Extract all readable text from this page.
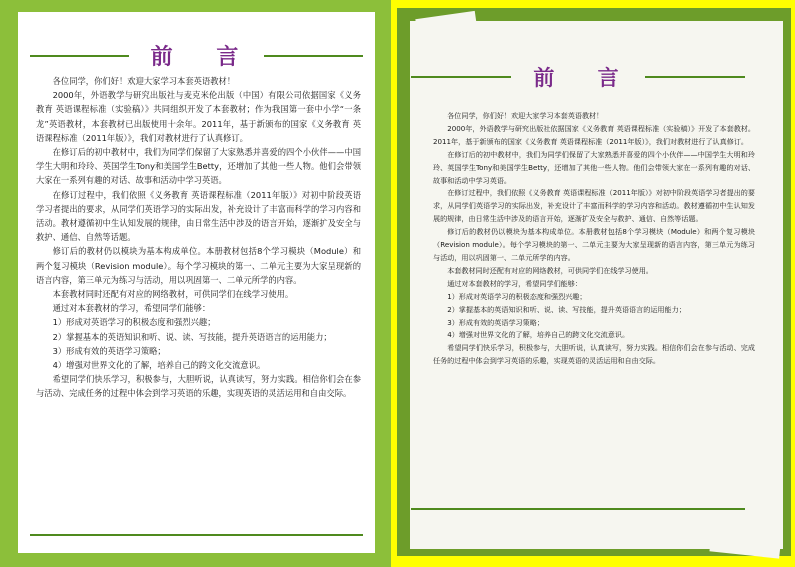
前 言

各位同学，你们好！欢迎大家学习本套英语教材！

2000年，外语教学与研究出版社与麦克米伦出版（中国）有限公司依据国家《义务教育 英语课程标准（实验稿）》共同组织开发了本套教材；作为我国第一套中小学“一条龙”英语教材，本套教材已出版使用十余年。2011年，基于新颁布的国家《义务教育 英语课程标准（2011年版）》，我们对教材进行了认真修订。

在修订后的初中教材中，我们为同学们保留了大家熟悉并喜爱的四个小伙伴——中国学生大明和玲玲、英国学生Tony和美国学生Betty，还增加了其他一些人物。他们会带领大家在一系列有趣的对话、故事和活动中学习英语。

在修订过程中，我们依照《义务教育 英语课程标准（2011年版）》对初中阶段英语学习者提出的要求，从同学们英语学习的实际出发，补充设计了丰富而科学的学习内容和活动。教材遵循初中生认知发展的规律，由日常生活中涉及的语言开始，逐渐扩及安全与救护、通信、自然等话题。

修订后的教材仍以模块为基本构成单位。本册教材包括8个学习模块（Module）和两个复习模块（Revision module）。每个学习模块的第一、二单元主要为大家呈现新的语言内容，第三单元为练习与活动，用以巩固第一、二单元所学的内容。

本套教材同时还配有对应的网络教材，可供同学们在线学习使用。

通过对本套教材的学习，希望同学们能够：

1）形成对英语学习的积极态度和强烈兴趣；

2）掌握基本的英语知识和听、说、读、写技能，提升英语语言的运用能力；

3）形成有效的英语学习策略；

4）增强对世界文化的了解，培养自己的跨文化交流意识。

希望同学们快乐学习，积极参与，大胆听说，认真读写，努力实践。相信你们会在参与活动、完成任务的过程中体会到学习英语的乐趣，实现英语的灵活运用和自由交际。

前 言

各位同学，你们好！欢迎大家学习本套英语教材！

2000年，外语教学与研究出版社依据国家《义务教育 英语课程标准（实验稿）》开发了本套教材。2011年，基于新颁布的国家《义务教育 英语课程标准（2011年版）》，我们对教材进行了认真修订。

在修订后的初中教材中，我们为同学们保留了大家熟悉并喜爱的四个小伙伴——中国学生大明和玲玲、英国学生Tony和美国学生Betty，还增加了其他一些人物。他们会带领大家在一系列有趣的对话、故事和活动中学习英语。

在修订过程中，我们依照《义务教育 英语课程标准（2011年版）》对初中阶段英语学习者提出的要求，从同学们英语学习的实际出发，补充设计了丰富而科学的学习内容和活动。教材遵循初中生认知发展的规律，由日常生活中涉及的语言开始，逐渐扩及安全与救护、通信、自然等话题。

修订后的教材仍以模块为基本构成单位。本册教材包括8个学习模块（Module）和两个复习模块（Revision module）。每个学习模块的第一、二单元主要为大家呈现新的语言内容，第三单元为练习与活动，用以巩固第一、二单元所学的内容。

本套教材同时还配有对应的网络教材，可供同学们在线学习使用。

通过对本套教材的学习，希望同学们能够：

1）形成对英语学习的积极态度和强烈兴趣；

2）掌握基本的英语知识和听、说、读、写技能，提升英语语言的运用能力；

3）形成有效的英语学习策略；

4）增强对世界文化的了解，培养自己的跨文化交流意识。

希望同学们快乐学习，积极参与，大胆听说，认真读写，努力实践。相信你们会在参与活动、完成任务的过程中体会到学习英语的乐趣，实现英语的灵活运用和自由交际。
